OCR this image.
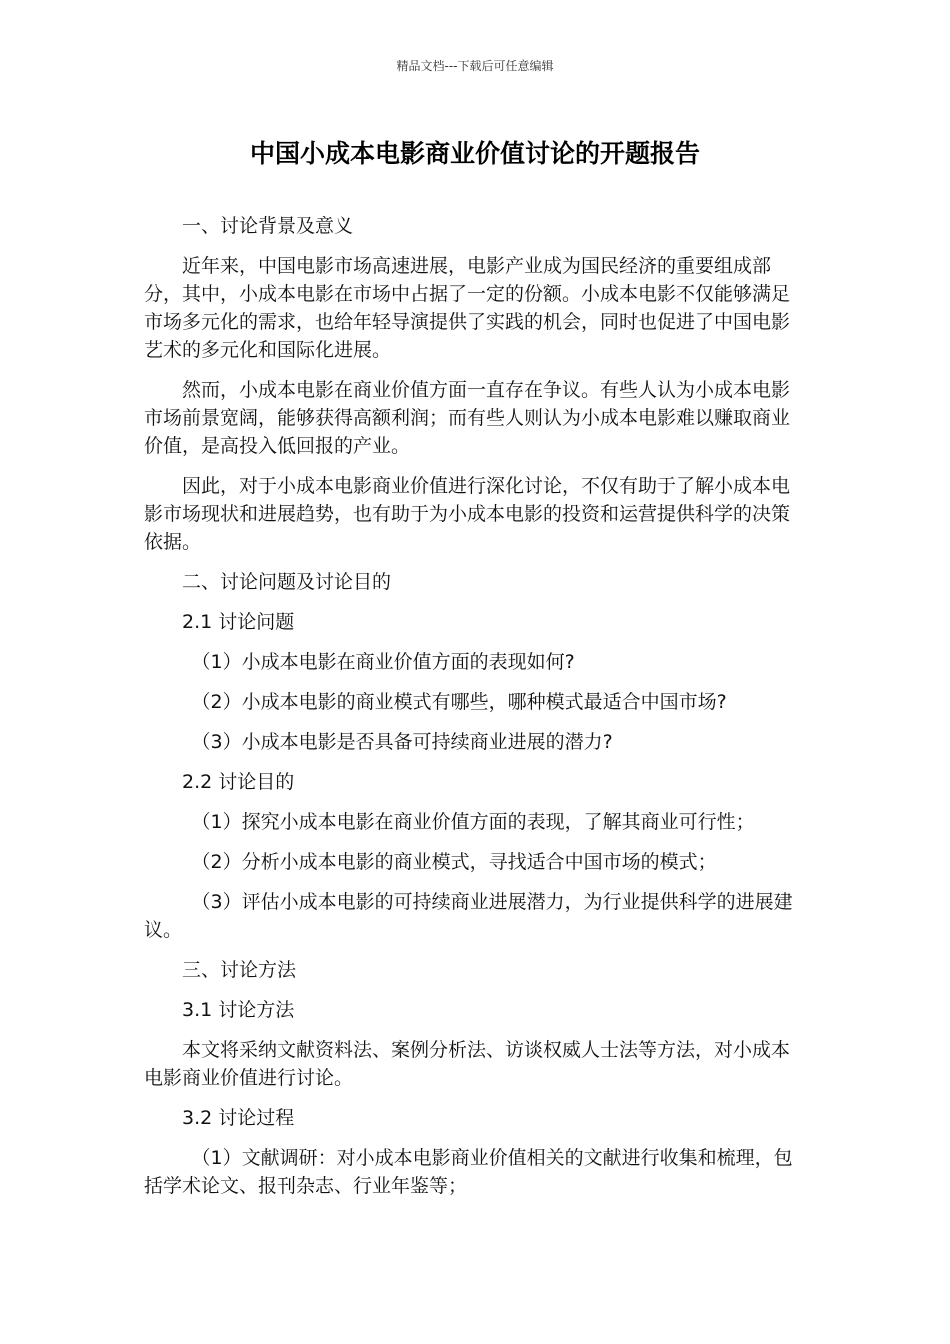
精品文档---下载后可任意编辑
中国小成本电影商业价值讨论的开题报告

一、讨论背景及意义

近年来，中国电影市场高速进展，电影产业成为国民经济的重要组成部分，其中，小成本电影在市场中占据了一定的份额。小成本电影不仅能够满足市场多元化的需求，也给年轻导演提供了实践的机会，同时也促进了中国电影艺术的多元化和国际化进展。

然而，小成本电影在商业价值方面一直存在争议。有些人认为小成本电影市场前景宽阔，能够获得高额利润；而有些人则认为小成本电影难以赚取商业价值，是高投入低回报的产业。

因此，对于小成本电影商业价值进行深化讨论，不仅有助于了解小成本电影市场现状和进展趋势，也有助于为小成本电影的投资和运营提供科学的决策依据。

二、讨论问题及讨论目的

2.1 讨论问题

（1）小成本电影在商业价值方面的表现如何?

（2）小成本电影的商业模式有哪些，哪种模式最适合中国市场?

（3）小成本电影是否具备可持续商业进展的潜力?

2.2 讨论目的

（1）探究小成本电影在商业价值方面的表现，了解其商业可行性；

（2）分析小成本电影的商业模式，寻找适合中国市场的模式；

（3）评估小成本电影的可持续商业进展潜力，为行业提供科学的进展建议。

三、讨论方法

3.1 讨论方法

本文将采纳文献资料法、案例分析法、访谈权威人士法等方法，对小成本电影商业价值进行讨论。

3.2 讨论过程

（1）文献调研：对小成本电影商业价值相关的文献进行收集和梳理，包括学术论文、报刊杂志、行业年鉴等；
